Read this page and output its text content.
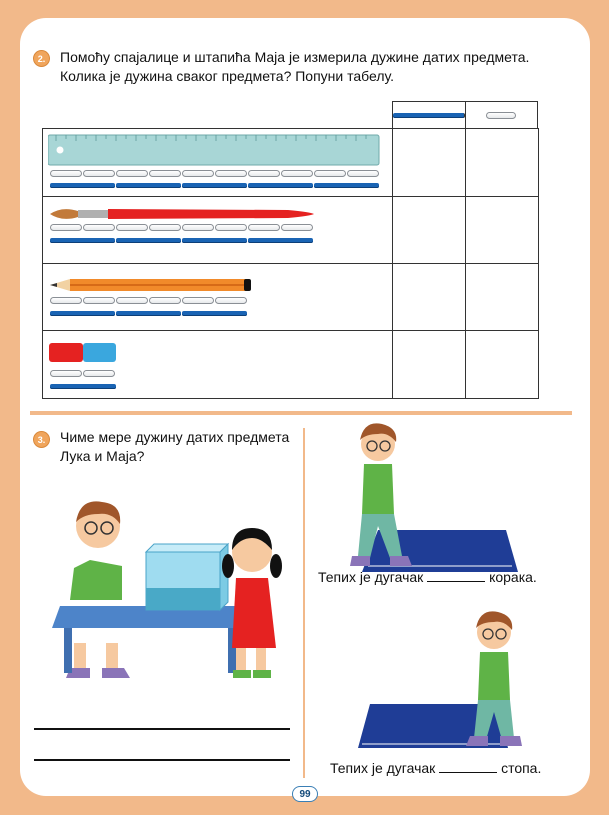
2. Помоћу спајалице и штапића Маја је измерила дужине датих предмета.
Колика је дужина сваког предмета? Попуни табелу.

3. Чиме мере дужину датих предмета
Лука и Маја?
Тепих је дугачак	корака.
Тепих је дугачак	стопа.
99
